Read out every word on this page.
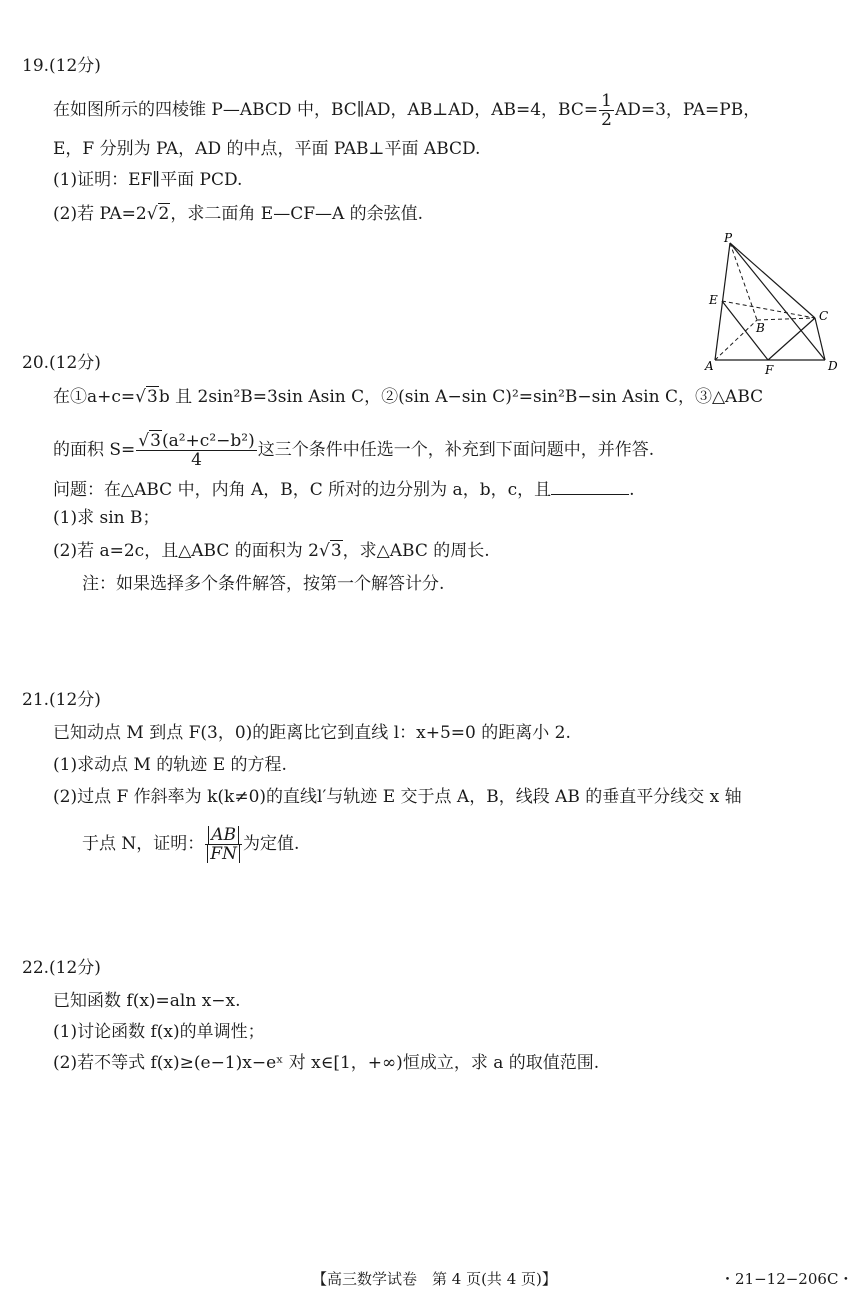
19.(12分)
在如图所示的四棱锥 P—ABCD 中，BC∥AD，AB⊥AD，AB=4，$BC= \frac{1}{2} AD=3$，PA=PB，
E，F 分别为 PA，AD 的中点，平面 PAB⊥平面 ABCD.
(1)证明：EF∥平面 PCD.
(2)若 PA=2√2，求二面角 E—CF—A 的余弦值.
P
E
B
C
A	F	D
20.(12分)
在①a+c=√3b 且 2sin²B=3sin Asin C，②(sin A−sin C)²=sin²B−sin Asin C，③△ABC
的面积 $S= \frac{\text{√3(a²+c²−b²)}}{4}$ 这三个条件中任选一个，补充到下面问题中，并作答.
问题：在△ABC 中，内角 A，B，C 所对的边分别为 a，b，c，且	.
(1)求 sin B；
(2)若 a=2c，且△ABC 的面积为 2√3，求△ABC 的周长.
注：如果选择多个条件解答，按第一个解答计分.
21.(12分)
已知动点 M 到点 F(3，0)的距离比它到直线 l：x+5=0 的距离小 2.
(1)求动点 M 的轨迹 E 的方程.
(2)过点 F 作斜率为 k(k≠0)的直线l′与轨迹 E 交于点 A，B，线段 AB 的垂直平分线交 x 轴
于点 N，证明： $\frac{AB}{FN}$ 为定值.
22.(12分)
已知函数 f(x)=aln x−x.
(1)讨论函数 f(x)的单调性；
(2)若不等式 f(x)≥(e−1)x−eˣ 对 x∈[1，+∞)恒成立，求 a 的取值范围.
【高三数学试卷　第 4 页(共 4 页)】	・21−12−206C・
